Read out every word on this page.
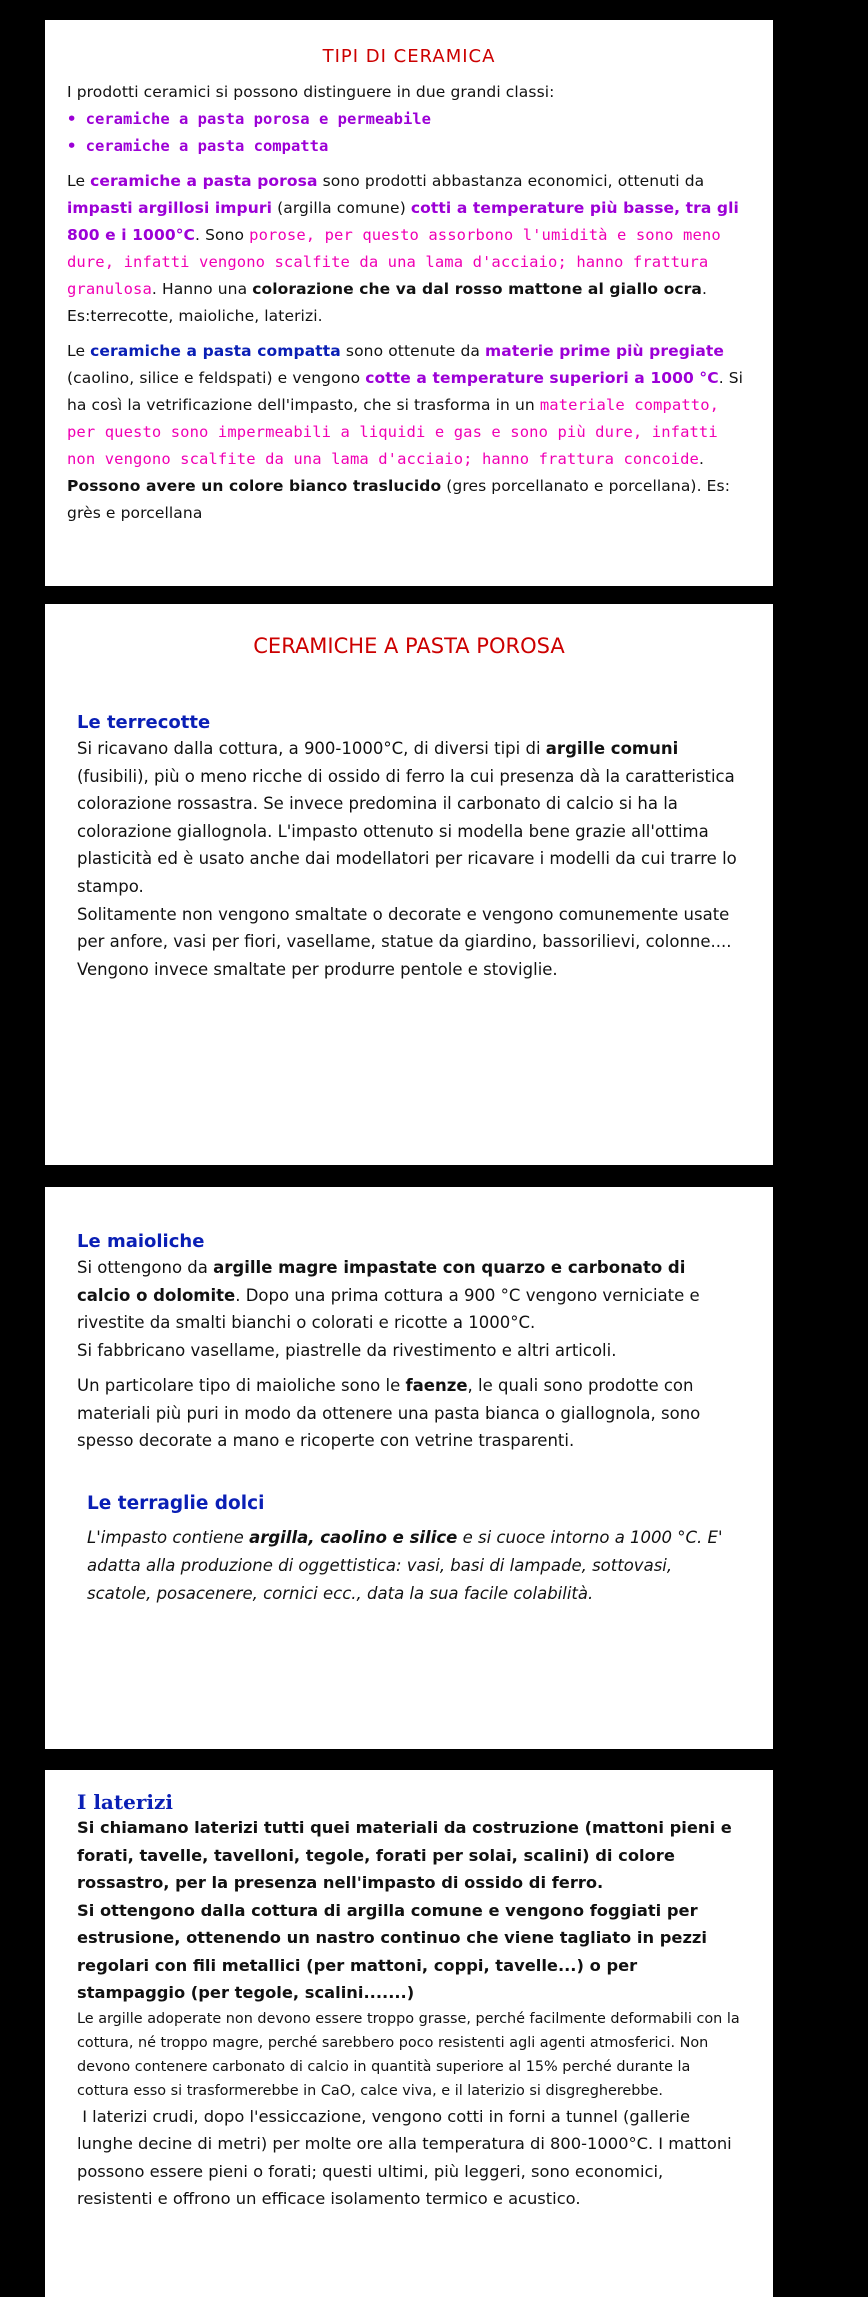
TIPI DI CERAMICA

I prodotti ceramici si possono distinguere in due grandi classi:

• ceramiche a pasta porosa e permeabile
• ceramiche a pasta compatta

Le ceramiche a pasta porosa sono prodotti abbastanza economici, ottenuti da impasti argillosi impuri (argilla comune) cotti a temperature più basse, tra gli 800 e i 1000°C. Sono porose, per questo assorbono l'umidità e sono meno dure, infatti vengono scalfite da una lama d'acciaio; hanno frattura granulosa. Hanno una colorazione che va dal rosso mattone al giallo ocra. Es:terrecotte, maioliche, laterizi.

Le ceramiche a pasta compatta sono ottenute da materie prime più pregiate (caolino, silice e feldspati) e vengono cotte a temperature superiori a 1000 °C. Si ha così la vetrificazione dell'impasto, che si trasforma in un materiale compatto, per questo sono impermeabili a liquidi e gas e sono più dure, infatti non vengono scalfite da una lama d'acciaio; hanno frattura concoide. Possono avere un colore bianco traslucido (gres porcellanato e porcellana). Es: grès e porcellana

CERAMICHE A PASTA POROSA
Le terrecotte

Si ricavano dalla cottura, a 900-1000°C, di diversi tipi di argille comuni (fusibili), più o meno ricche di ossido di ferro la cui presenza dà la caratteristica colorazione rossastra. Se invece predomina il carbonato di calcio si ha la colorazione giallognola. L'impasto ottenuto si modella bene grazie all'ottima plasticità ed è usato anche dai modellatori per ricavare i modelli da cui trarre lo stampo.

Solitamente non vengono smaltate o decorate e vengono comunemente usate per anfore, vasi per fiori, vasellame, statue da giardino, bassorilievi, colonne....

Vengono invece smaltate per produrre pentole e stoviglie.

Le maioliche

Si ottengono da argille magre impastate con quarzo e carbonato di calcio o dolomite. Dopo una prima cottura a 900 °C vengono verniciate e rivestite da smalti bianchi o colorati e ricotte a 1000°C.

Si fabbricano vasellame, piastrelle da rivestimento e altri articoli.

Un particolare tipo di maioliche sono le faenze, le quali sono prodotte con materiali più puri in modo da ottenere una pasta bianca o giallognola, sono spesso decorate a mano e ricoperte con vetrine trasparenti.

Le terraglie dolci

L'impasto contiene argilla, caolino e silice e si cuoce intorno a 1000 °C. E' adatta alla produzione di oggettistica: vasi, basi di lampade, sottovasi, scatole, posacenere, cornici ecc., data la sua facile colabilità.

I laterizi

Si chiamano laterizi tutti quei materiali da costruzione (mattoni pieni e forati, tavelle, tavelloni, tegole, forati per solai, scalini) di colore rossastro, per la presenza nell'impasto di ossido di ferro.

Si ottengono dalla cottura di argilla comune e vengono foggiati per estrusione, ottenendo un nastro continuo che viene tagliato in pezzi regolari con fili metallici (per mattoni, coppi, tavelle...) o per stampaggio (per tegole, scalini.......)

Le argille adoperate non devono essere troppo grasse, perché facilmente deformabili con la cottura, né troppo magre, perché sarebbero poco resistenti agli agenti atmosferici. Non devono contenere carbonato di calcio in quantità superiore al 15% perché durante la cottura esso si trasformerebbe in CaO, calce viva, e il laterizio si disgregherebbe.

I laterizi crudi, dopo l'essiccazione, vengono cotti in forni a tunnel (gallerie lunghe decine di metri) per molte ore alla temperatura di 800-1000°C. I mattoni possono essere pieni o forati; questi ultimi, più leggeri, sono economici, resistenti e offrono un efficace isolamento termico e acustico.
